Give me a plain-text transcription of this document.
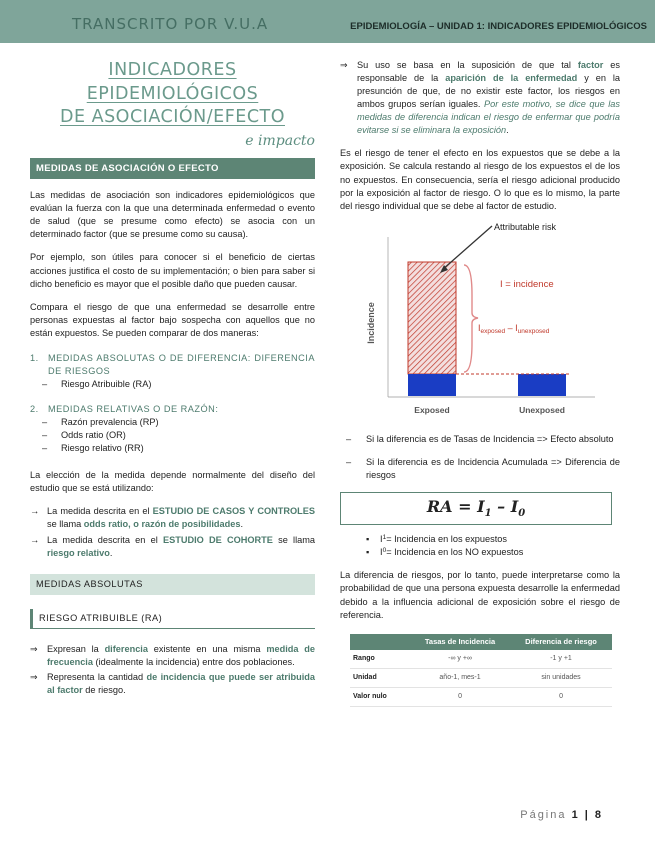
TRANSCRITO POR V.U.A	EPIDEMIOLOGÍA – UNIDAD 1: INDICADORES EPIDEMIOLÓGICOS
INDICADORES EPIDEMIOLÓGICOS
DE ASOCIACIÓN/EFECTO
e impacto
MEDIDAS DE ASOCIACIÓN O EFECTO

Las medidas de asociación son indicadores epidemiológicos que evalúan la fuerza con la que una determinada enfermedad o evento de salud (que se presume como efecto) se asocia con un determinado factor (que se presume como su causa).

Por ejemplo, son útiles para conocer si el beneficio de ciertas acciones justifica el costo de su implementación; o bien para saber si dicho beneficio es mayor que el posible daño que pueden causar.

Compara el riesgo de que una enfermedad se desarrolle entre personas expuestas al factor bajo sospecha con aquellos que no están expuestos. Se pueden comparar de dos maneras:

1.	MEDIDAS ABSOLUTAS O DE DIFERENCIA: DIFERENCIA DE RIESGOS
–	Riesgo Atribuible (RA)
2.	MEDIDAS RELATIVAS O DE RAZÓN:
–	Razón prevalencia (RP)
–	Odds ratio (OR)
–	Riesgo relativo (RR)

La elección de la medida depende normalmente del diseño del estudio que se está utilizando:

→ La medida descrita en el ESTUDIO DE CASOS Y CONTROLES se llama odds ratio, o razón de posibilidades.
→ La medida descrita en el ESTUDIO DE COHORTE se llama riesgo relativo.
MEDIDAS ABSOLUTAS
RIESGO ATRIBUIBLE (RA)
⇒	Expresan la diferencia existente en una misma medida de frecuencia (idealmente la incidencia) entre dos poblaciones.
⇒	Representa la cantidad de incidencia que puede ser atribuida al factor de riesgo.
⇒	Su uso se basa en la suposición de que tal factor es responsable de la aparición de la enfermedad y en la presunción de que, de no existir este factor, los riesgos en ambos grupos serían iguales. Por este motivo, se dice que las medidas de diferencia indican el riesgo de enfermar que podría evitarse si se eliminara la exposición.

Es el riesgo de tener el efecto en los expuestos que se debe a la exposición. Se calcula restando al riesgo de los expuestos el de los no expuestos. En consecuencia, sería el riesgo adicional producido por la exposición al factor de riesgo. O lo que es lo mismo, la parte del riesgo individual que se debe al factor de estudio.

Incidence
Attributable risk
I = incidence
$I_{exposed} - I_{unexposed}$
Exposed	Unexposed
–	Si la diferencia es de Tasas de Incidencia => Efecto absoluto
–	Si la diferencia es de Incidencia Acumulada => Diferencia de riesgos
RA = $I_1 - I_0$
▪	I 1 = Incidencia en los expuestos
▪	I 0 = Incidencia en los NO expuestos

La diferencia de riesgos, por lo tanto, puede interpretarse como la probabilidad de que una persona expuesta desarrolle la enfermedad debido a la influencia adicional de exposición sobre el riesgo de referencia.

	Tasas de Incidencia	Diferencia de riesgo
Rango	-∞ y +∞	-1 y +1
Unidad	año-1, mes-1	sin unidades
Valor nulo	0	0
Página 1 | 8
